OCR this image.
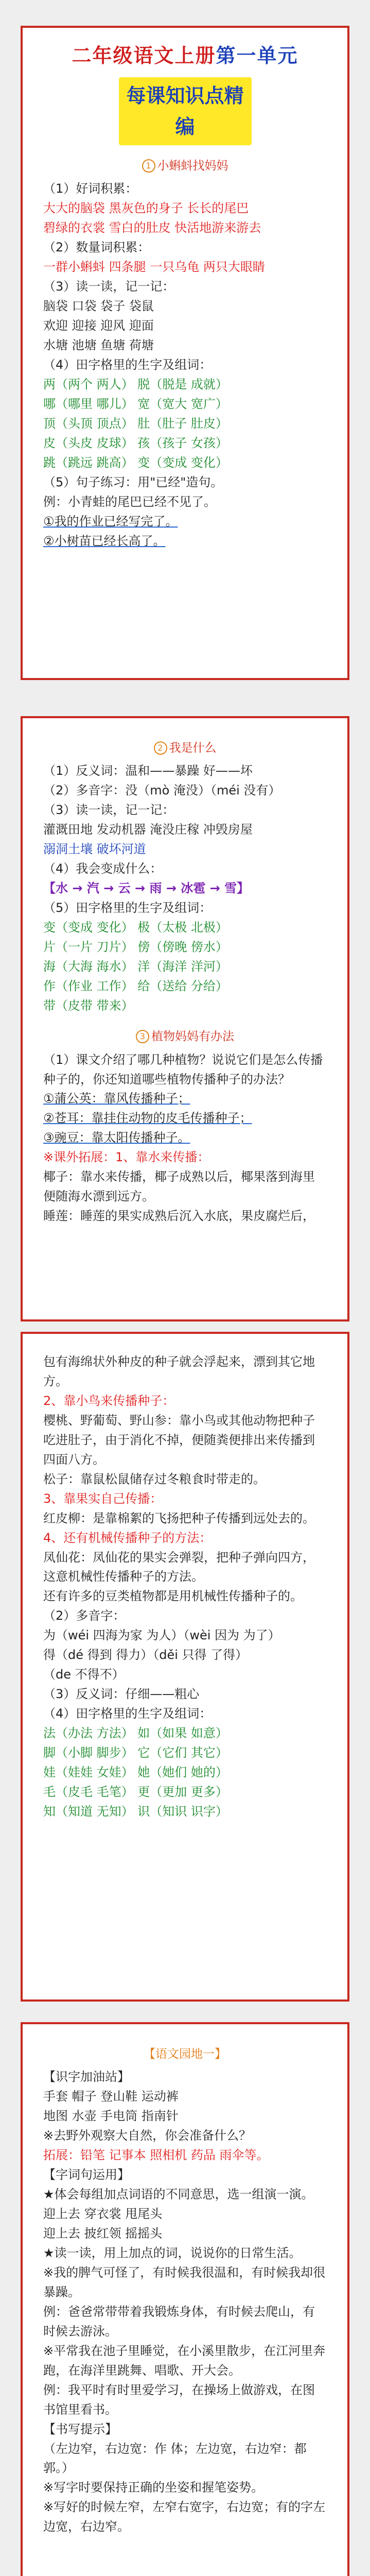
二年级语文上册第一单元
每课知识点精编
1 小蝌蚪找妈妈
（1）好词积累：
大大的脑袋 黑灰色的身子 长长的尾巴
碧绿的衣裳 雪白的肚皮 快活地游来游去
（2）数量词积累：
一群小蝌蚪 四条腿 一只乌龟 两只大眼睛
（3）读一读，记一记：
脑袋 口袋 袋子 袋鼠
欢迎 迎接 迎风 迎面
水塘 池塘 鱼塘 荷塘
（4）田字格里的生字及组词：
两（两个 两人） 脱（脱是 成就）
哪（哪里 哪儿） 宽（宽大 宽广）
顶（头顶 顶点） 肚（肚子 肚皮）
皮（头皮 皮球） 孩（孩子 女孩）
跳（跳远 跳高） 变（变成 变化）
（5）句子练习：用"已经"造句。
例：小青蛙的尾巴已经不见了。
①我的作业已经写完了。
②小树苗已经长高了。
2 我是什么
（1）反义词：温和——暴躁 好——坏
（2）多音字：没（mò 淹没）（méi 没有）
（3）读一读，记一记：
灌溉田地 发动机器 淹没庄稼 冲毁房屋
溺洞土壤 破坏河道
（4）我会变成什么：
【水 → 汽 → 云 → 雨 → 冰雹 → 雪】
（5）田字格里的生字及组词：
变（变成 变化） 极（太极 北极）
片（一片 刀片） 傍（傍晚 傍水）
海（大海 海水） 洋（海洋 洋河）
作（作业 工作） 给（送给 分给）
带（皮带 带来）
3 植物妈妈有办法
（1）课文介绍了哪几种植物？说说它们是怎么传播种子的，你还知道哪些植物传播种子的办法？
①蒲公英：靠风传播种子；
②苍耳：靠挂住动物的皮毛传播种子；
③豌豆：靠太阳传播种子。
※课外拓展：1、靠水来传播：
椰子：靠水来传播，椰子成熟以后，椰果落到海里便随海水漂到远方。
睡莲：睡莲的果实成熟后沉入水底，果皮腐烂后，
包有海绵状外种皮的种子就会浮起来，漂到其它地方。
2、靠小鸟来传播种子：
樱桃、野葡萄、野山参：靠小鸟或其他动物把种子吃进肚子，由于消化不掉，便随粪便排出来传播到四面八方。
松子：靠鼠松鼠储存过冬粮食时带走的。
3、靠果实自己传播：
红皮柳：是靠棉絮的飞扬把种子传播到远处去的。
4、还有机械传播种子的方法：
凤仙花：凤仙花的果实会弹裂，把种子弹向四方，这意机械性传播种子的方法。
还有许多的豆类植物都是用机械性传播种子的。
（2）多音字：
为（wéi 四海为家 为人）（wèi 因为 为了）
得（dé 得到 得力）（děi 只得 了得）
（de 不得不）
（3）反义词：仔细——粗心
（4）田字格里的生字及组词：
法（办法 方法） 如（如果 如意）
脚（小脚 脚步） 它（它们 其它）
娃（娃娃 女娃） 她（她们 她的）
毛（皮毛 毛笔） 更（更加 更多）
知（知道 无知） 识（知识 识字）
【语文园地一】
【识字加油站】
手套 帽子 登山鞋 运动裤
地图 水壶 手电筒 指南针
※去野外观察大自然，你会准备什么？
拓展：铅笔 记事本 照相机 药品 雨伞等。
【字词句运用】
★体会每组加点词语的不同意思，选一组演一演。
迎上去 穿衣裳 甩尾头
迎上去 披红领 摇摇头
★读一读，用上加点的词，说说你的日常生活。
※我的脾气可怪了，有时候我很温和，有时候我却很暴躁。
例：爸爸常带带着我锻炼身体，有时候去爬山，有时候去游泳。
※平常我在池子里睡觉，在小溪里散步，在江河里奔跑，在海洋里跳舞、唱歌、开大会。
例：我平时有时里爱学习，在操场上做游戏，在图书馆里看书。
【书写提示】
（左边窄，右边宽：作 体；左边宽，右边窄：都 郭。）
※写字时要保持正确的坐姿和握笔姿势。
※写好的时候左窄，左窄右宽字，右边宽；有的字左边宽，右边窄。
